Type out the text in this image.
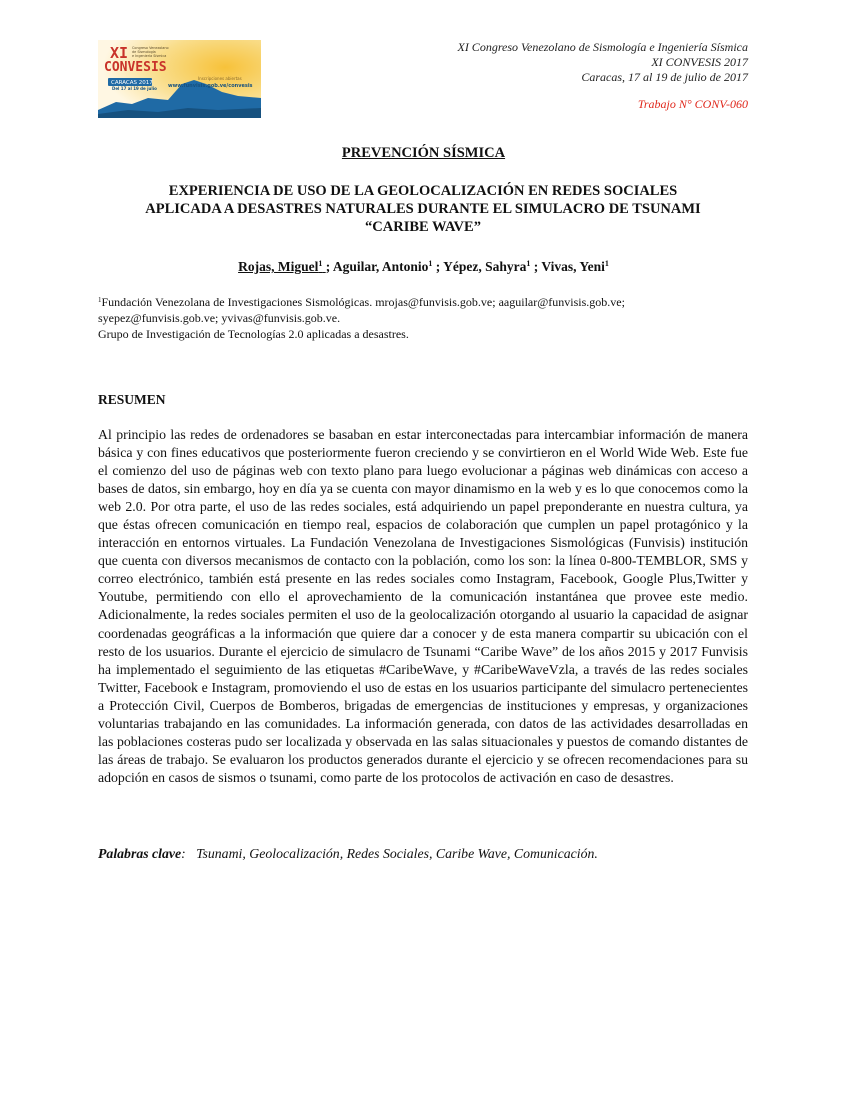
XI
CONVESIS
Congreso Venezolano
de Sismología
e Ingeniería Sísmica
CARACAS 2017
Del 17 al 19 de julio
Inscripciones abiertas
www.funvisis.gob.ve/convesis
XI Congreso Venezolano de Sismología e Ingeniería Sísmica
XI CONVESIS 2017
Caracas, 17 al 19 de julio de 2017
Trabajo N° CONV-060
PREVENCIÓN SÍSMICA
EXPERIENCIA DE USO DE LA GEOLOCALIZACIÓN EN REDES SOCIALES
APLICADA A DESASTRES NATURALES DURANTE EL SIMULACRO DE TSUNAMI
“CARIBE WAVE”
Rojas, Miguel$^1$ ; Aguilar, Antonio$^1$ ; Yépez, Sahyra$^1$ ; Vivas, Yeni$^1$
$^1$Fundación Venezolana de Investigaciones Sismológicas. mrojas@funvisis.gob.ve; aaguilar@funvisis.gob.ve;
syepez@funvisis.gob.ve; yvivas@funvisis.gob.ve.
Grupo de Investigación de Tecnologías 2.0 aplicadas a desastres.
RESUMEN

Al principio las redes de ordenadores se basaban en estar interconectadas para intercambiar información de manera básica y con fines educativos que posteriormente fueron creciendo y se convirtieron en el World Wide Web. Este fue el comienzo del uso de páginas web con texto plano para luego evolucionar a páginas web dinámicas con acceso a bases de datos, sin embargo, hoy en día ya se cuenta con mayor dinamismo en la web y es lo que conocemos como la web 2.0. Por otra parte, el uso de las redes sociales, está adquiriendo un papel preponderante en nuestra cultura, ya que éstas ofrecen comunicación en tiempo real, espacios de colaboración que cumplen un papel protagónico y la interacción en entornos virtuales. La Fundación Venezolana de Investigaciones Sismológicas (Funvisis) institución que cuenta con diversos mecanismos de contacto con la población, como los son: la línea 0-800-TEMBLOR, SMS y correo electrónico, también está presente en las redes sociales como Instagram, Facebook, Google Plus,Twitter y Youtube, permitiendo con ello el aprovechamiento de la comunicación instantánea que provee este medio. Adicionalmente, la redes sociales permiten el uso de la geolocalización otorgando al usuario la capacidad de asignar coordenadas geográficas a la información que quiere dar a conocer y de esta manera compartir su ubicación con el resto de los usuarios. Durante el ejercicio de simulacro de Tsunami “Caribe Wave” de los años 2015 y 2017 Funvisis ha implementado el seguimiento de las etiquetas #CaribeWave, y #CaribeWaveVzla, a través de las redes sociales Twitter, Facebook e Instagram, promoviendo el uso de estas en los usuarios participante del simulacro pertenecientes a Protección Civil, Cuerpos de Bomberos, brigadas de emergencias de instituciones y empresas, y organizaciones voluntarias trabajando en las comunidades. La información generada, con datos de las actividades desarrolladas en las poblaciones costeras pudo ser localizada y observada en las salas situacionales y puestos de comando distantes de las áreas de trabajo. Se evaluaron los productos generados durante el ejercicio y se ofrecen recomendaciones para su adopción en casos de sismos o tsunami, como parte de los protocolos de activación en caso de desastres.

Palabras clave:   Tsunami, Geolocalización, Redes Sociales, Caribe Wave, Comunicación.
